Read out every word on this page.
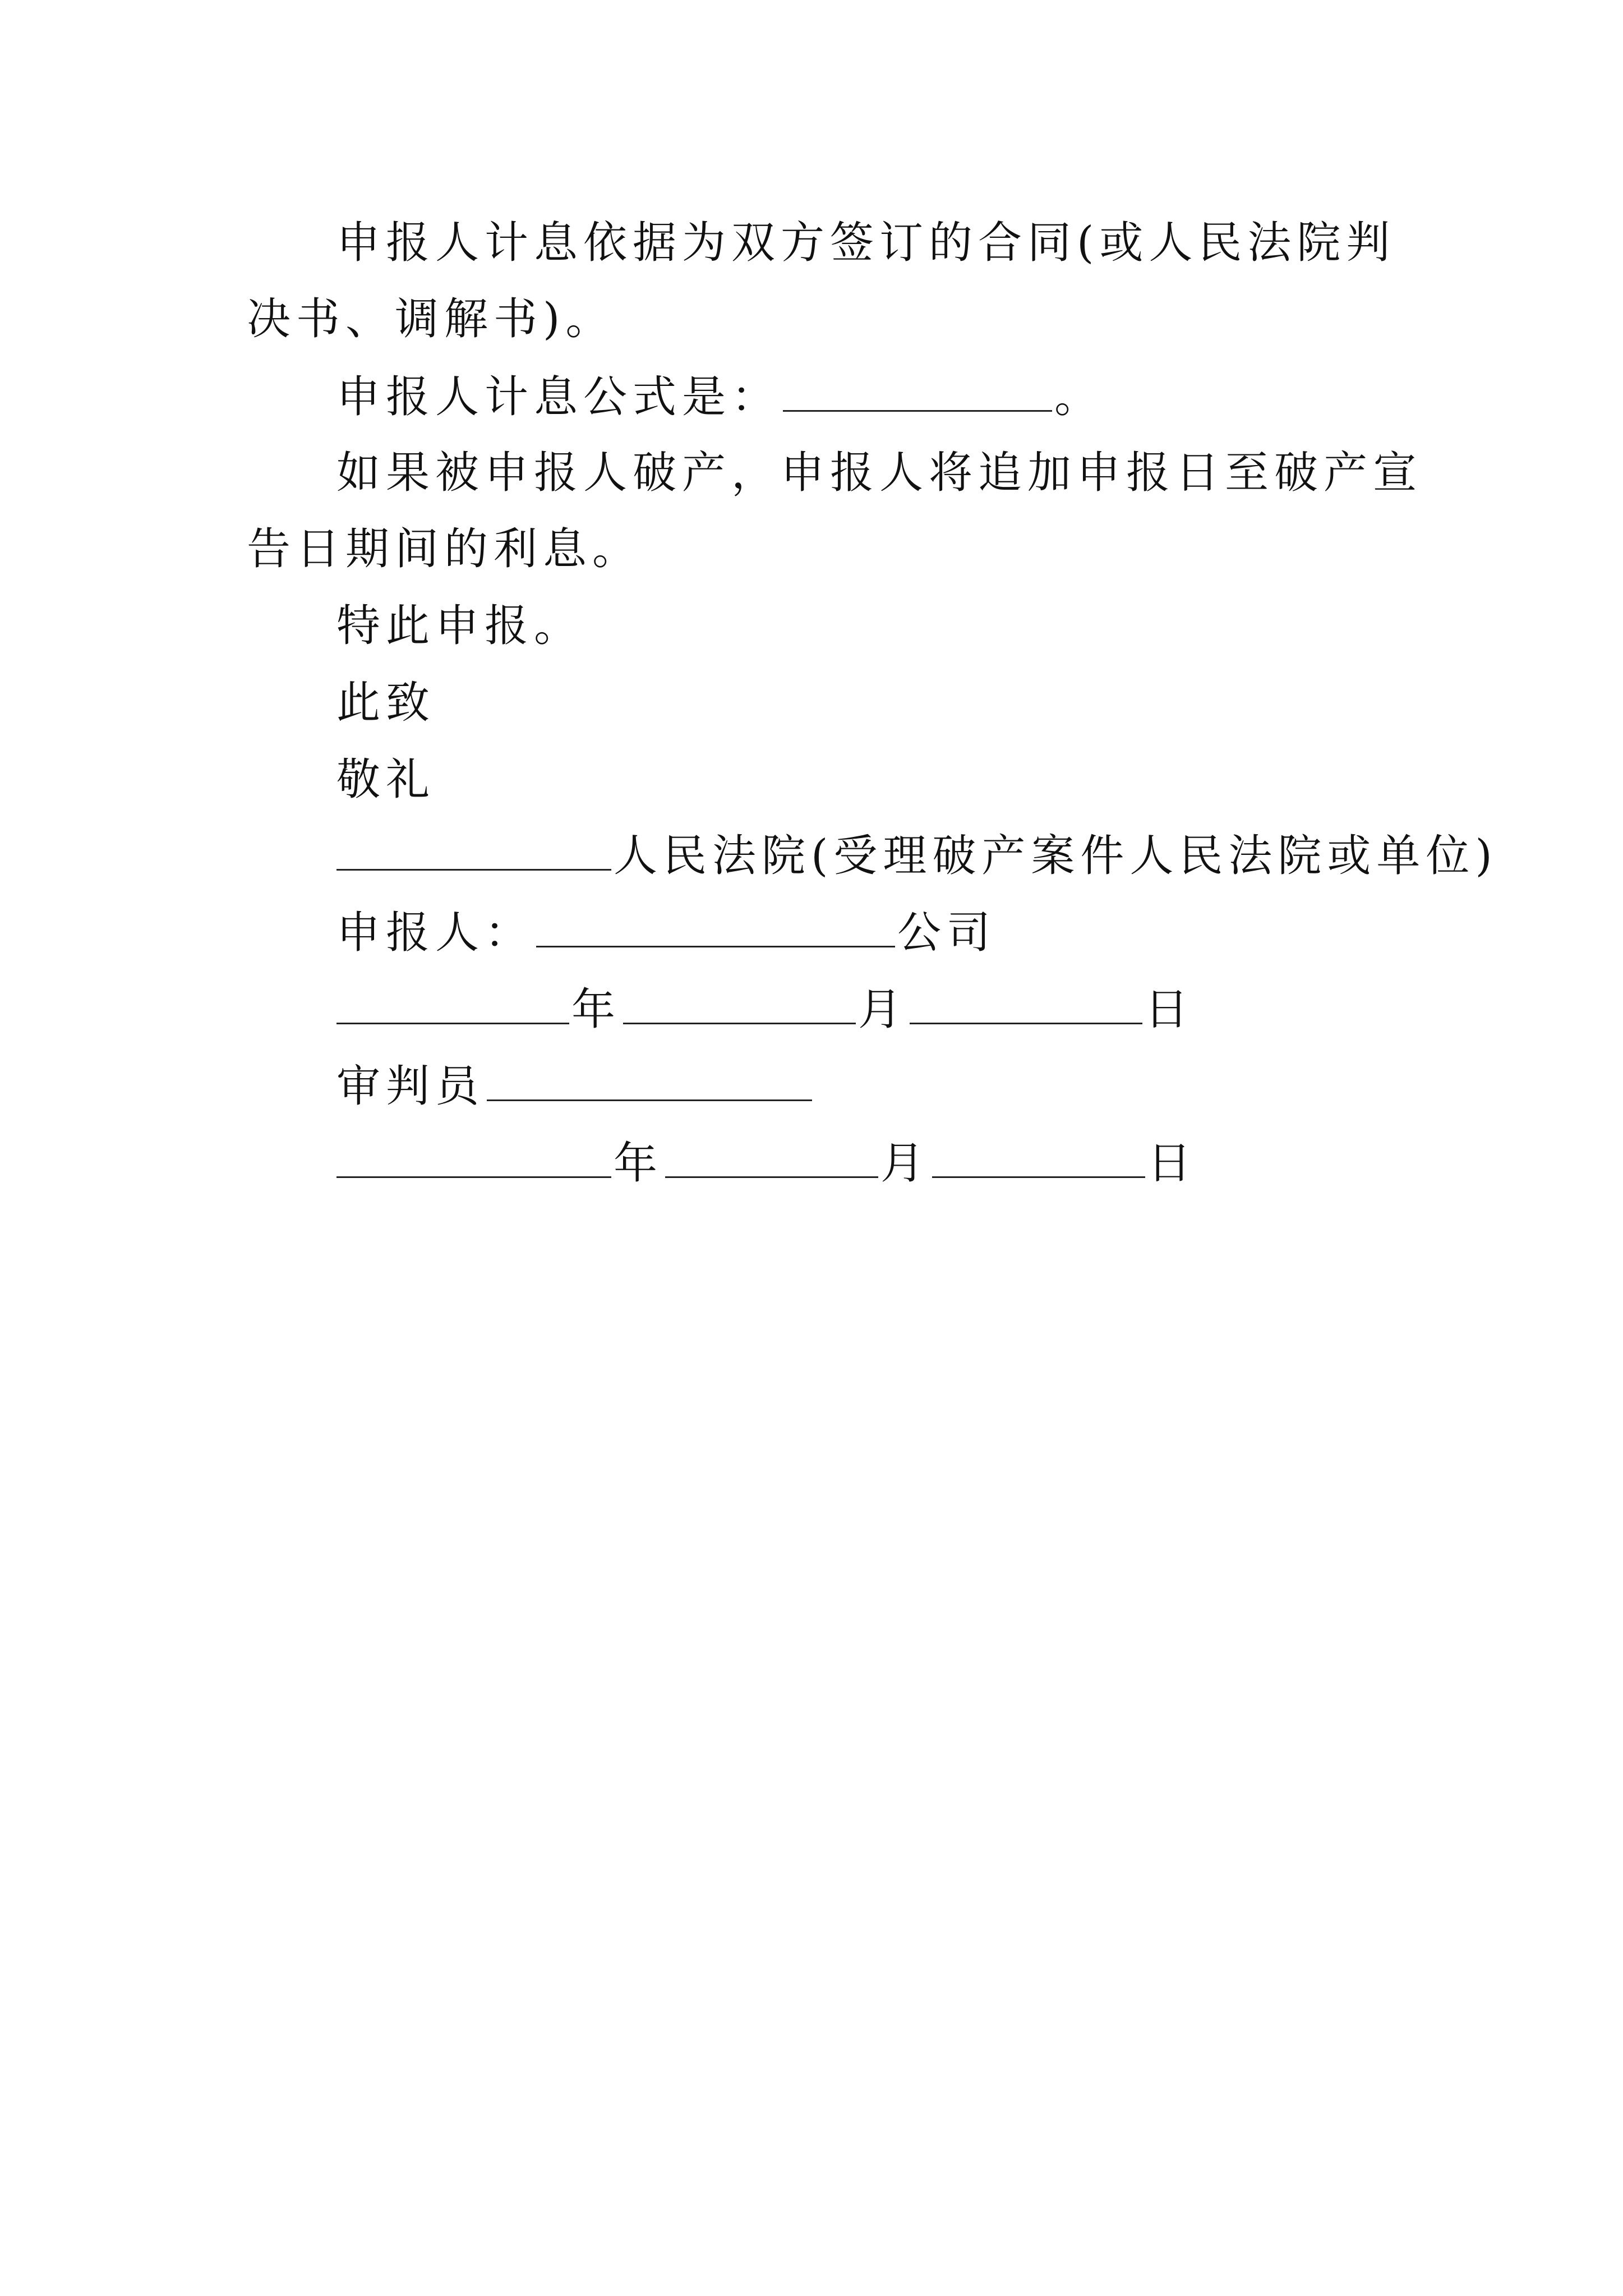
申报人计息依据为双方签订的合同(或人民法院判决书、调解书)。

申报人计息公式是：	。

如果被申报人破产，申报人将追加申报日至破产宣告日期间的利息。

特此申报。

此致

敬礼

人民法院(受理破产案件人民法院或单位)

申报人：	公司

年	月	日

审判员

年	月	日
